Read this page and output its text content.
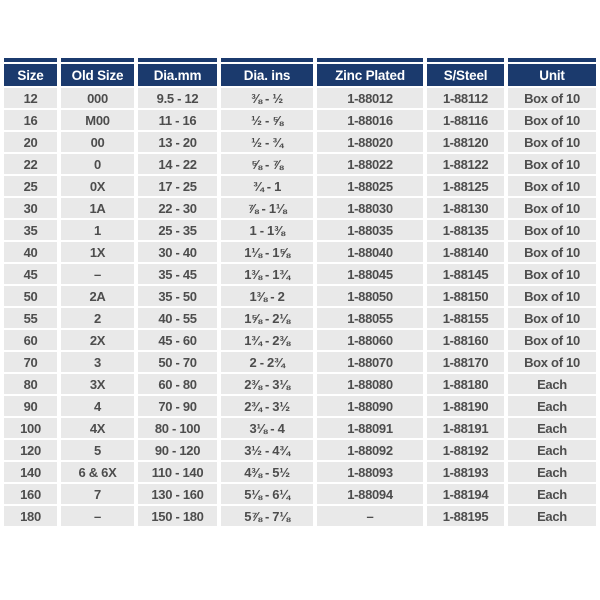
Size	Old Size	Dia.mm	Dia. ins	Zinc Plated	S/Steel	Unit
12	000	9.5 - 12	⅜ - ½	1-88012	1-88112	Box of 10
16	M00	11 - 16	½ - ⅝	1-88016	1-88116	Box of 10
20	00	13 - 20	½ - ¾	1-88020	1-88120	Box of 10
22	0	14 - 22	⅝ - ⅞	1-88022	1-88122	Box of 10
25	0X	17 - 25	¾ - 1	1-88025	1-88125	Box of 10
30	1A	22 - 30	⅞ - 1⅛	1-88030	1-88130	Box of 10
35	1	25 - 35	1 - 1⅜	1-88035	1-88135	Box of 10
40	1X	30 - 40	1⅛ - 1⅝	1-88040	1-88140	Box of 10
45	–	35 - 45	1⅜ - 1¾	1-88045	1-88145	Box of 10
50	2A	35 - 50	1⅜ - 2	1-88050	1-88150	Box of 10
55	2	40 - 55	1⅝ - 2⅛	1-88055	1-88155	Box of 10
60	2X	45 - 60	1¾ - 2⅜	1-88060	1-88160	Box of 10
70	3	50 - 70	2 - 2¾	1-88070	1-88170	Box of 10
80	3X	60 - 80	2⅜ - 3⅛	1-88080	1-88180	Each
90	4	70 - 90	2¾ - 3½	1-88090	1-88190	Each
100	4X	80 - 100	3⅛ - 4	1-88091	1-88191	Each
120	5	90 - 120	3½ - 4¾	1-88092	1-88192	Each
140	6 & 6X	110 - 140	4⅜ - 5½	1-88093	1-88193	Each
160	7	130 - 160	5⅛ - 6¼	1-88094	1-88194	Each
180	–	150 - 180	5⅞ - 7⅛	–	1-88195	Each
